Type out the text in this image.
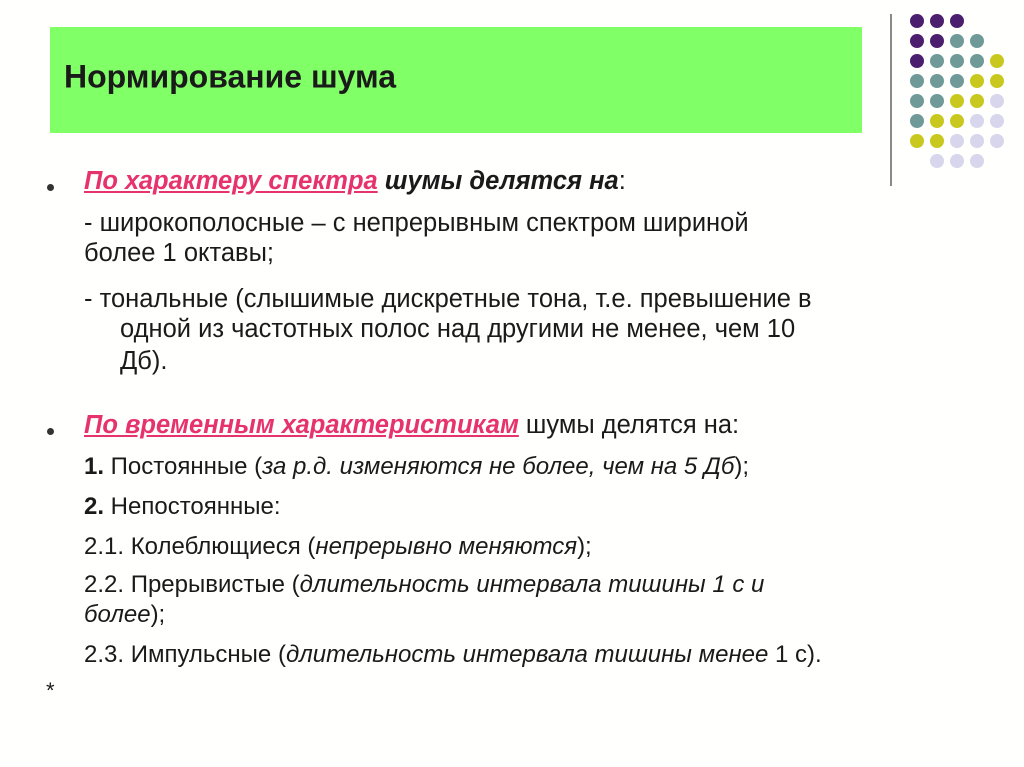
Нормирование шума
По характеру спектра шумы делятся на:
- широкополосные – с непрерывным спектром шириной
более 1 октавы;
- тональные (слышимые дискретные тона, т.е. превышение в
одной из частотных полос над другими не менее, чем 10
Дб).
По временным характеристикам шумы делятся на:
1. Постоянные (за р.д. изменяются не более, чем на 5 Дб);
2. Непостоянные:
2.1. Колеблющиеся (непрерывно меняются);
2.2. Прерывистые (длительность интервала тишины 1 с и
более);
2.3. Импульсные (длительность интервала тишины менее 1 с).
*
